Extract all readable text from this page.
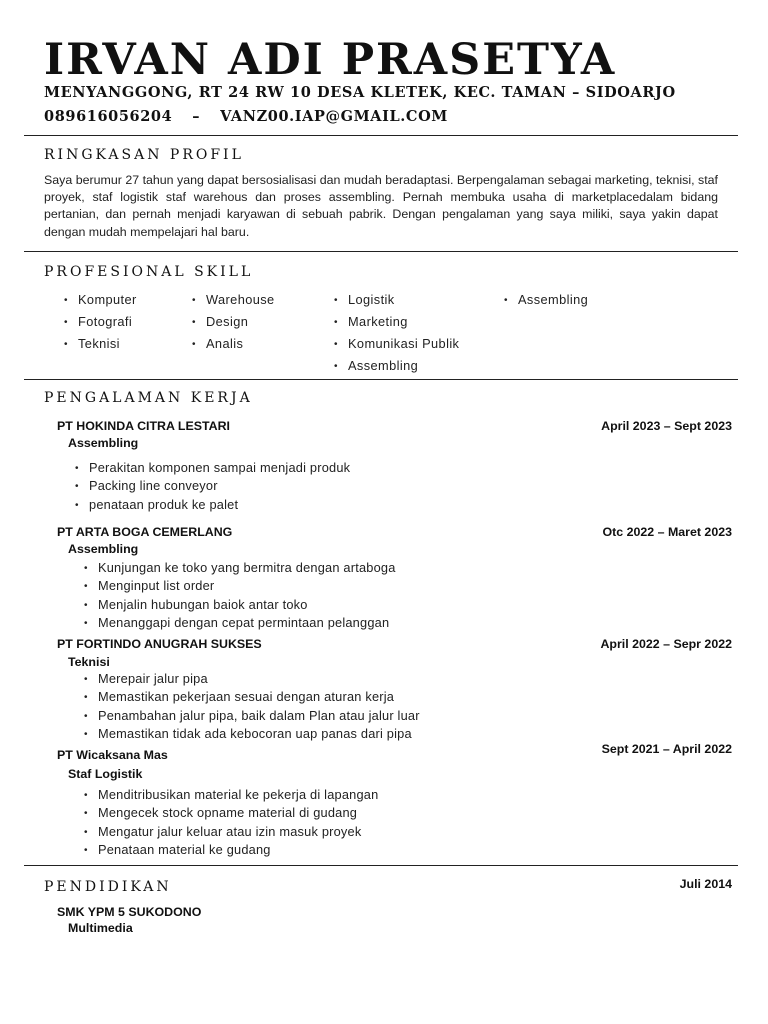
IRVAN ADI PRASETYA
MENYANGGONG, RT 24 RW 10 DESA KLETEK, KEC. TAMAN – SIDOARJO
089616056204 – VANZ00.IAP@GMAIL.COM
RINGKASAN PROFIL
Saya berumur 27 tahun yang dapat bersosialisasi dan mudah beradaptasi. Berpengalaman sebagai marketing, teknisi, staf proyek, staf logistik staf warehous dan proses assembling. Pernah membuka usaha di marketplacedalam bidang pertanian, dan pernah menjadi karyawan di sebuah pabrik. Dengan pengalaman yang saya miliki, saya yakin dapat dengan mudah mempelajari hal baru.
PROFESIONAL SKILL
• Komputer
• Fotografi
• Teknisi
• Warehouse
• Design
• Analis
• Logistik
• Marketing
• Komunikasi Publik
• Assembling
• Assembling
PENGALAMAN KERJA
PT HOKINDA CITRA LESTARI	April 2023 – Sept 2023
Assembling
• Perakitan komponen sampai menjadi produk
• Packing line conveyor
• penataan produk ke palet
PT ARTA BOGA CEMERLANG	Otc 2022 – Maret 2023
Assembling
• Kunjungan ke toko yang bermitra dengan artaboga
• Menginput list order
• Menjalin hubungan baiok antar toko
• Menanggapi dengan cepat permintaan pelanggan
PT FORTINDO ANUGRAH SUKSES	April 2022 – Sepr 2022
Teknisi
• Merepair jalur pipa
• Memastikan pekerjaan sesuai dengan aturan kerja
• Penambahan jalur pipa, baik dalam Plan atau jalur luar
• Memastikan tidak ada kebocoran uap panas dari pipa
PT Wicaksana Mas	Sept 2021 – April 2022
Staf Logistik
• Menditribusikan material ke pekerja di lapangan
• Mengecek stock opname material di gudang
• Mengatur jalur keluar atau izin masuk proyek
• Penataan material ke gudang
PENDIDIKAN	Juli 2014
SMK YPM 5 SUKODONO
Multimedia
